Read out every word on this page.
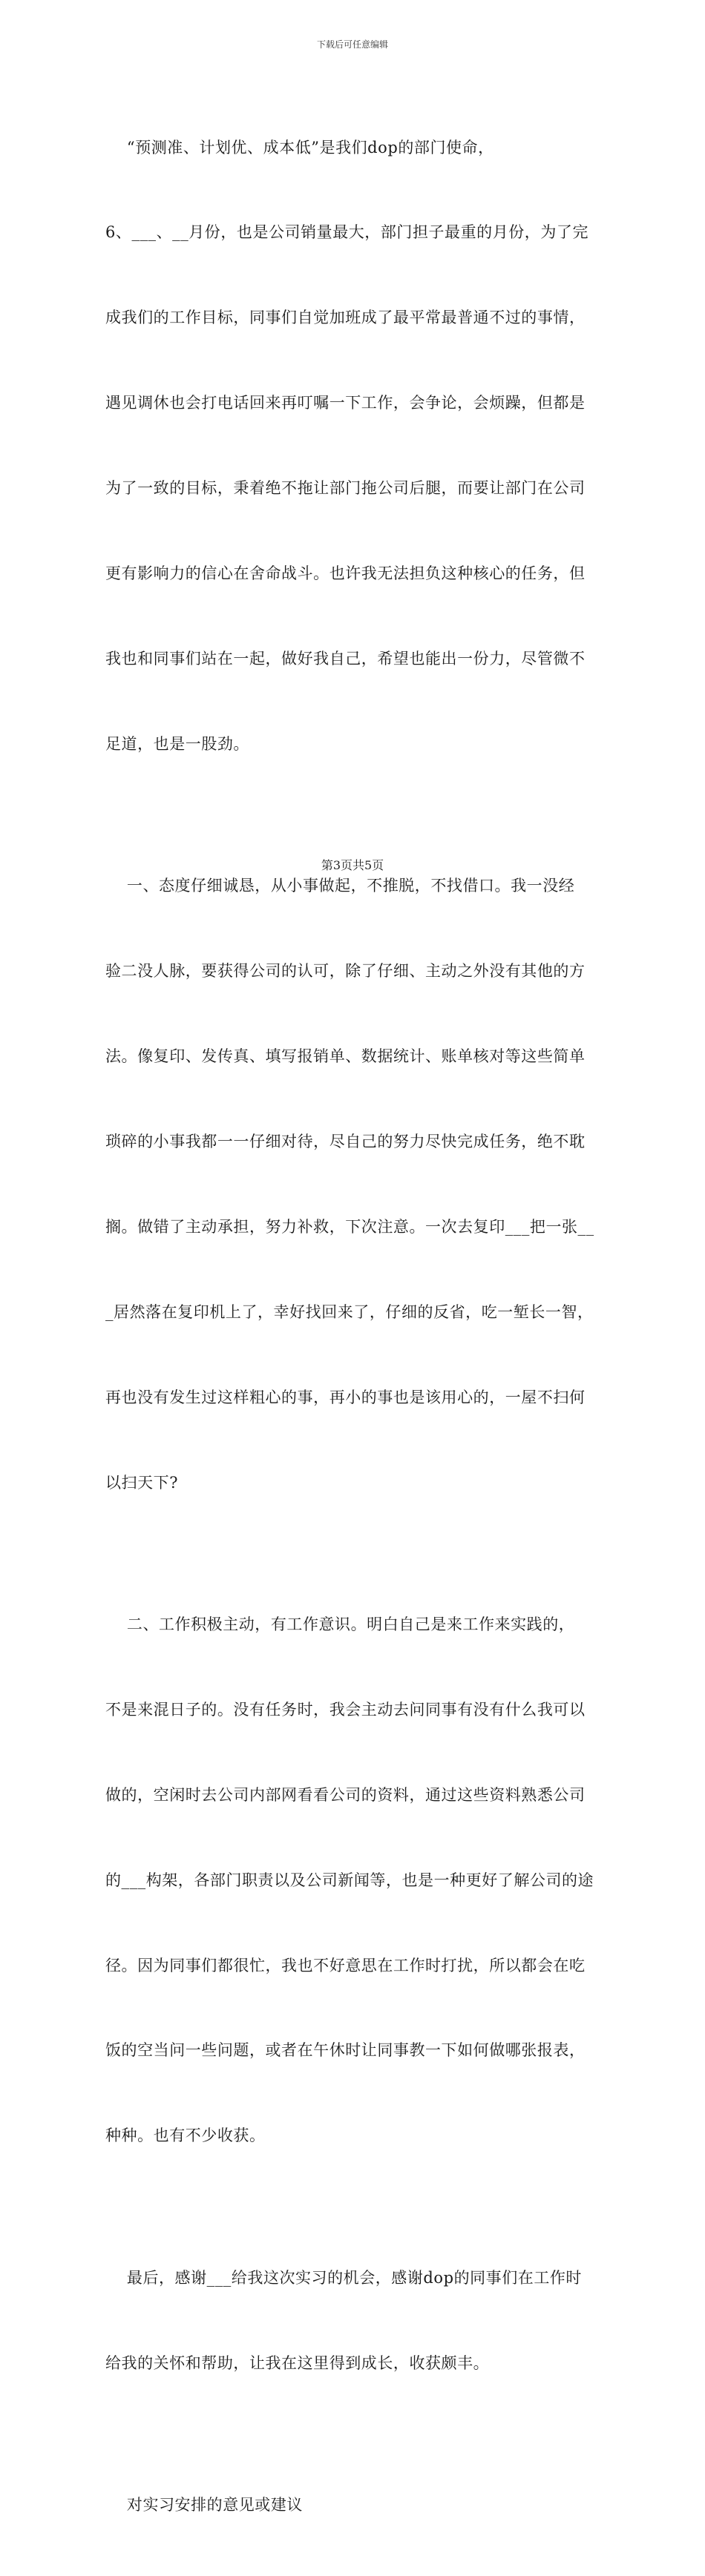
下载后可任意编辑

“预测准、计划优、成本低”是我们dop的部门使命，

6、___、__月份，也是公司销量最大，部门担子最重的月份，为了完

成我们的工作目标，同事们自觉加班成了最平常最普通不过的事情，

遇见调休也会打电话回来再叮嘱一下工作，会争论，会烦躁，但都是

为了一致的目标，秉着绝不拖让部门拖公司后腿，而要让部门在公司

更有影响力的信心在舍命战斗。也许我无法担负这种核心的任务，但

我也和同事们站在一起，做好我自己，希望也能出一份力，尽管微不

足道，也是一股劲。

一、态度仔细诚恳，从小事做起，不推脱，不找借口。我一没经

验二没人脉，要获得公司的认可，除了仔细、主动之外没有其他的方

法。像复印、发传真、填写报销单、数据统计、账单核对等这些简单

琐碎的小事我都一一仔细对待，尽自己的努力尽快完成任务，绝不耽

搁。做错了主动承担，努力补救，下次注意。一次去复印___把一张__

_居然落在复印机上了，幸好找回来了，仔细的反省，吃一堑长一智，

再也没有发生过这样粗心的事，再小的事也是该用心的，一屋不扫何

以扫天下?

二、工作积极主动，有工作意识。明白自己是来工作来实践的，

不是来混日子的。没有任务时，我会主动去问同事有没有什么我可以

做的，空闲时去公司内部网看看公司的资料，通过这些资料熟悉公司

的___构架，各部门职责以及公司新闻等，也是一种更好了解公司的途

径。因为同事们都很忙，我也不好意思在工作时打扰，所以都会在吃

饭的空当问一些问题，或者在午休时让同事教一下如何做哪张报表，

种种。也有不少收获。

最后，感谢___给我这次实习的机会，感谢dop的同事们在工作时

给我的关怀和帮助，让我在这里得到成长，收获颇丰。

对实习安排的意见或建议

第3页共5页
